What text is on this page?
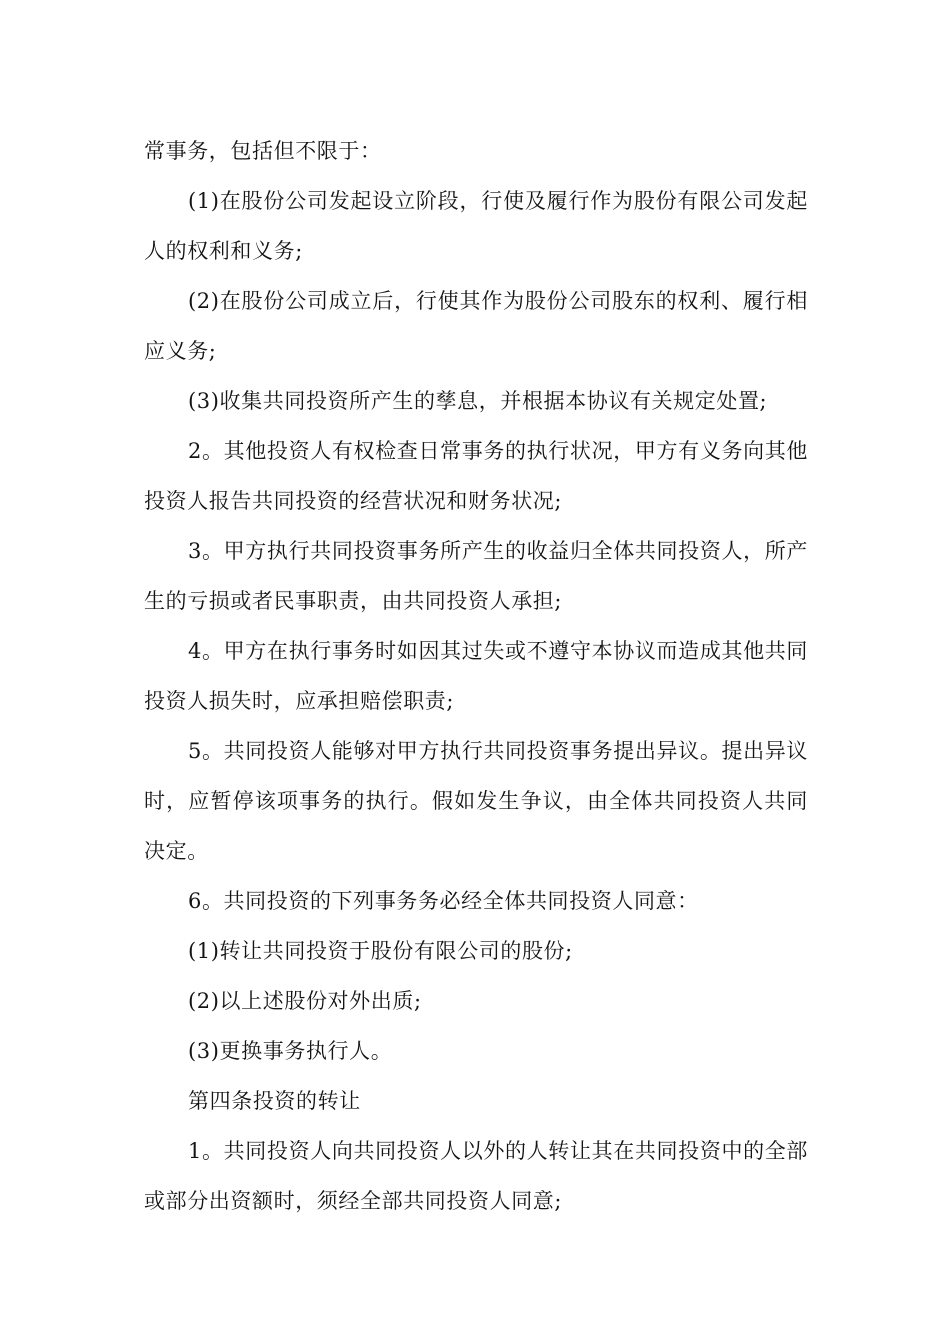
常事务，包括但不限于：

(1)在股份公司发起设立阶段，行使及履行作为股份有限公司发起人的权利和义务;

(2)在股份公司成立后，行使其作为股份公司股东的权利、履行相应义务;

(3)收集共同投资所产生的孳息，并根据本协议有关规定处置;

2。其他投资人有权检查日常事务的执行状况，甲方有义务向其他投资人报告共同投资的经营状况和财务状况;

3。甲方执行共同投资事务所产生的收益归全体共同投资人，所产生的亏损或者民事职责，由共同投资人承担;

4。甲方在执行事务时如因其过失或不遵守本协议而造成其他共同投资人损失时，应承担赔偿职责;

5。共同投资人能够对甲方执行共同投资事务提出异议。提出异议时，应暂停该项事务的执行。假如发生争议，由全体共同投资人共同决定。

6。共同投资的下列事务务必经全体共同投资人同意：

(1)转让共同投资于股份有限公司的股份;

(2)以上述股份对外出质;

(3)更换事务执行人。

第四条投资的转让

1。共同投资人向共同投资人以外的人转让其在共同投资中的全部或部分出资额时，须经全部共同投资人同意;
